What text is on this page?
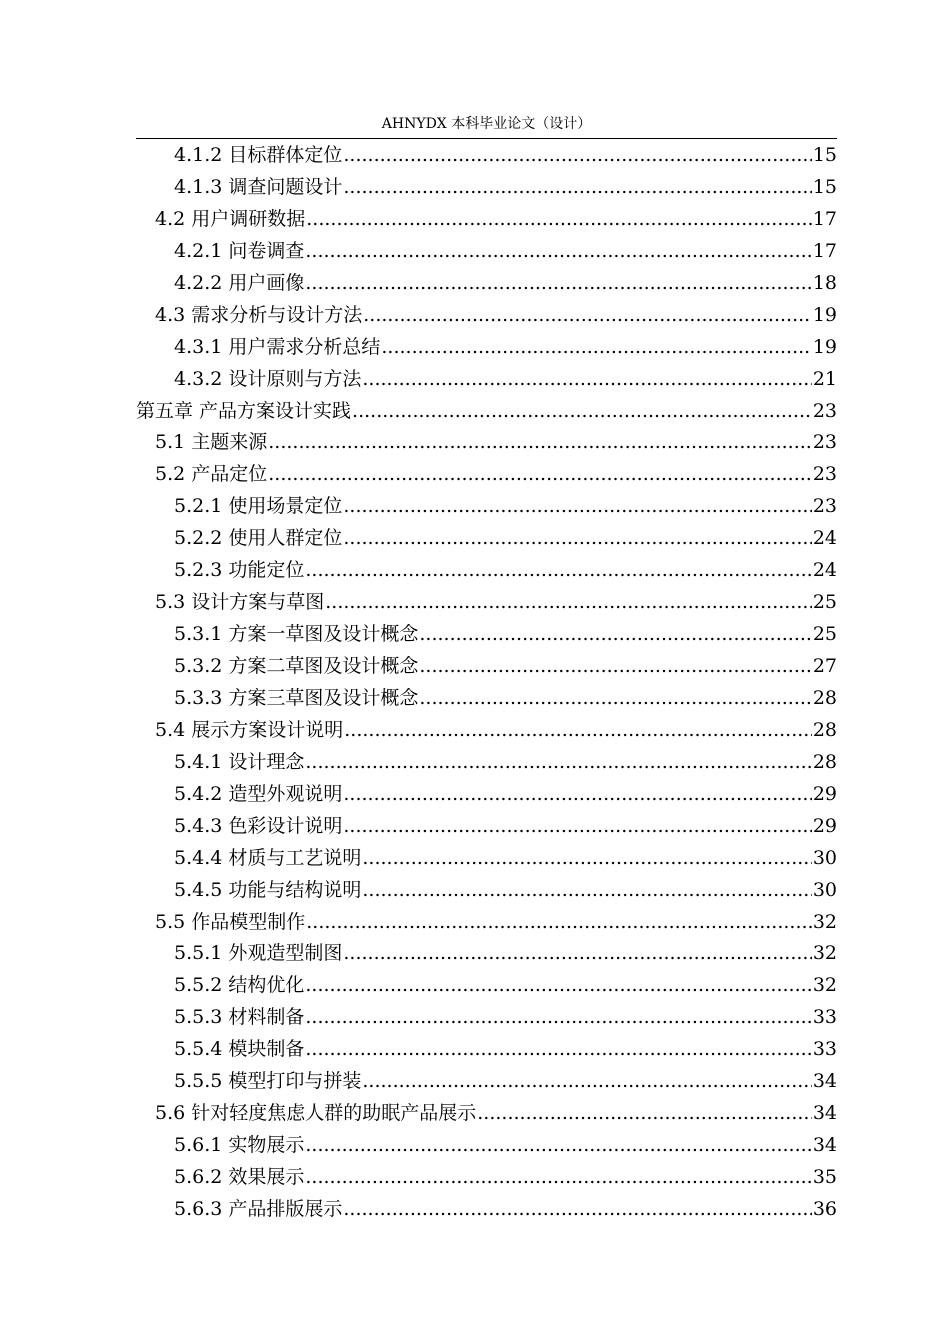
AHNYDX 本科毕业论文（设计）
4.1.2 目标群体定位 .....	15
4.1.3 调查问题设计 .....	15
4.2 用户调研数据 .....	17
4.2.1 问卷调查 .....	17
4.2.2 用户画像 .....	18
4.3 需求分析与设计方法 .....	19
4.3.1 用户需求分析总结 .....	19
4.3.2 设计原则与方法 .....	21
第五章 产品方案设计实践 .....	23
5.1 主题来源 .....	23
5.2 产品定位 .....	23
5.2.1 使用场景定位 .....	23
5.2.2 使用人群定位 .....	24
5.2.3 功能定位 .....	24
5.3 设计方案与草图 .....	25
5.3.1 方案一草图及设计概念 .....	25
5.3.2 方案二草图及设计概念 .....	27
5.3.3 方案三草图及设计概念 .....	28
5.4 展示方案设计说明 .....	28
5.4.1 设计理念 .....	28
5.4.2 造型外观说明 .....	29
5.4.3 色彩设计说明 .....	29
5.4.4 材质与工艺说明 .....	30
5.4.5 功能与结构说明 .....	30
5.5 作品模型制作 .....	32
5.5.1 外观造型制图 .....	32
5.5.2 结构优化 .....	32
5.5.3 材料制备 .....	33
5.5.4 模块制备 .....	33
5.5.5 模型打印与拼装 .....	34
5.6 针对轻度焦虑人群的助眠产品展示 .....	34
5.6.1 实物展示 .....	34
5.6.2 效果展示 .....	35
5.6.3 产品排版展示 .....	36
